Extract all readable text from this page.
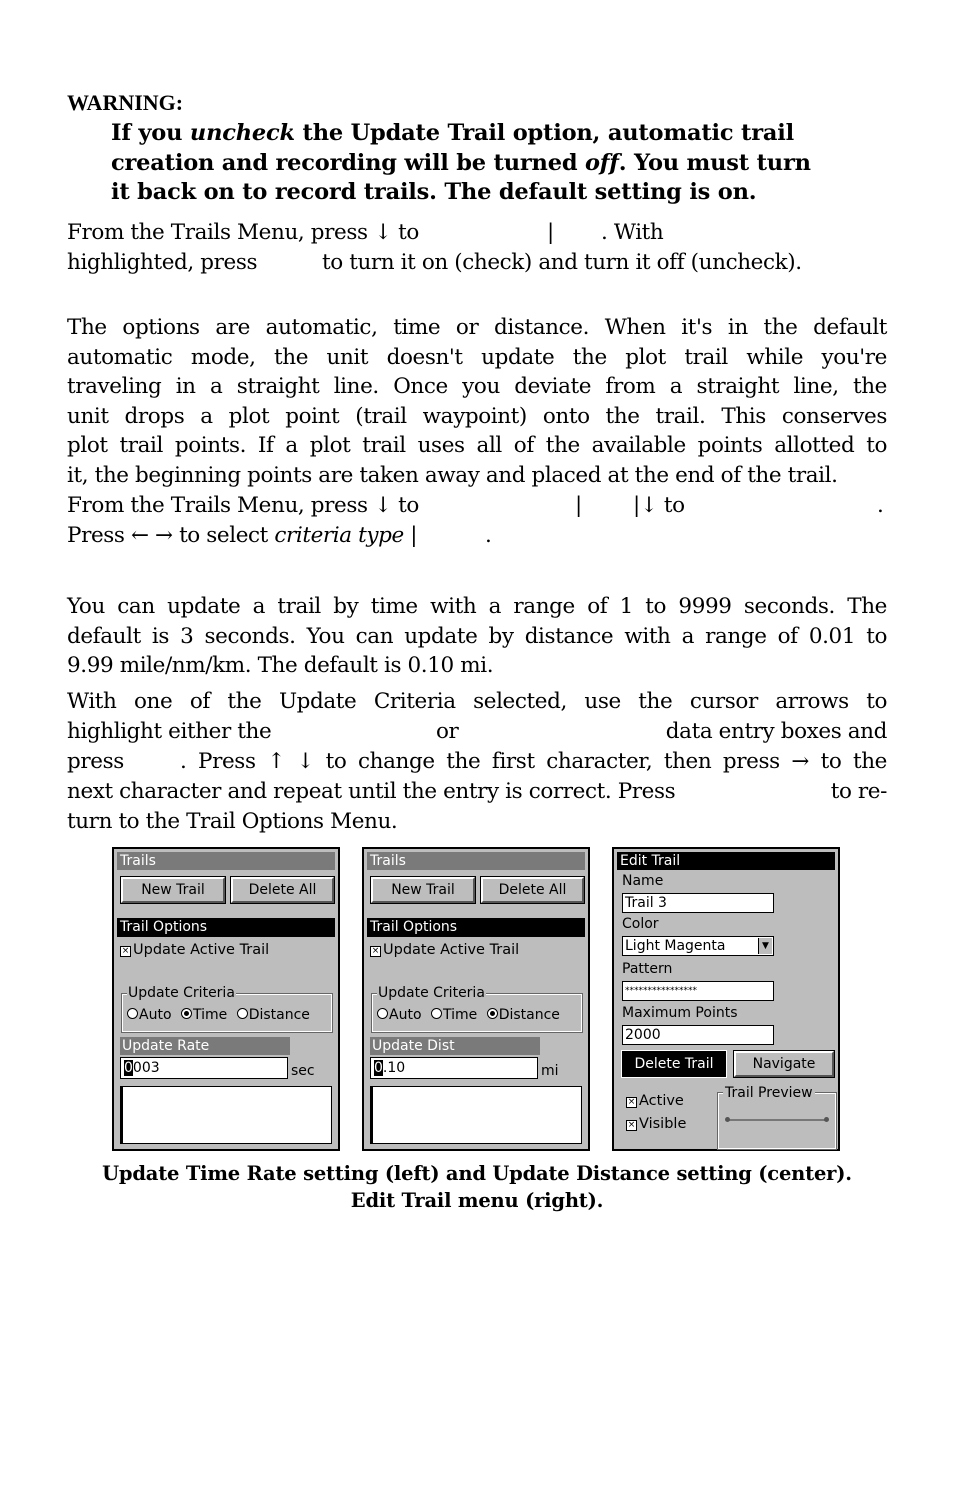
WARNING:
If you uncheck the Update Trail option, automatic trail
creation and recording will be turned off. You must turn
it back on to record trails. The default setting is on.
From the Trails Menu, press ↓ to	| . With
highlighted, press	to turn it on (check) and turn it off (uncheck).
The options are automatic, time or distance. When it's in the default
automatic mode, the unit doesn't update the plot trail while you're
traveling in a straight line. Once you deviate from a straight line, the
unit drops a plot point (trail waypoint) onto the trail. This conserves
plot trail points. If a plot trail uses all of the available points allotted to
it, the beginning points are taken away and placed at the end of the trail.
From the Trails Menu, press ↓ to	| |↓ to	.
Press ← → to select criteria type |	.
You can update a trail by time with a range of 1 to 9999 seconds. The
default is 3 seconds. You can update by distance with a range of 0.01 to
9.99 mile/nm/km. The default is 0.10 mi.
With one of the Update Criteria selected, use the cursor arrows to
highlight either the	or	data entry boxes and
press	. Press ↑ ↓ to change the first character, then press → to the
next character and repeat until the entry is correct. Press	to re-
turn to the Trail Options Menu.
Trails
New Trail	Delete All
Trail Options
× Update Active Trail
Update Criteria
Auto Time Distance
Update Rate
0003	sec
Trails
New Trail	Delete All
Trail Options
× Update Active Trail
Update Criteria
Auto Time Distance
Update Dist
0.10	mi
Edit Trail
Name
Trail 3
Color
Light Magenta	▼
Pattern
****************
Maximum Points
2000
Delete Trail	Navigate
× Active
× Visible
Trail Preview
Update Time Rate setting (left) and Update Distance setting (center).
Edit Trail menu (right).
